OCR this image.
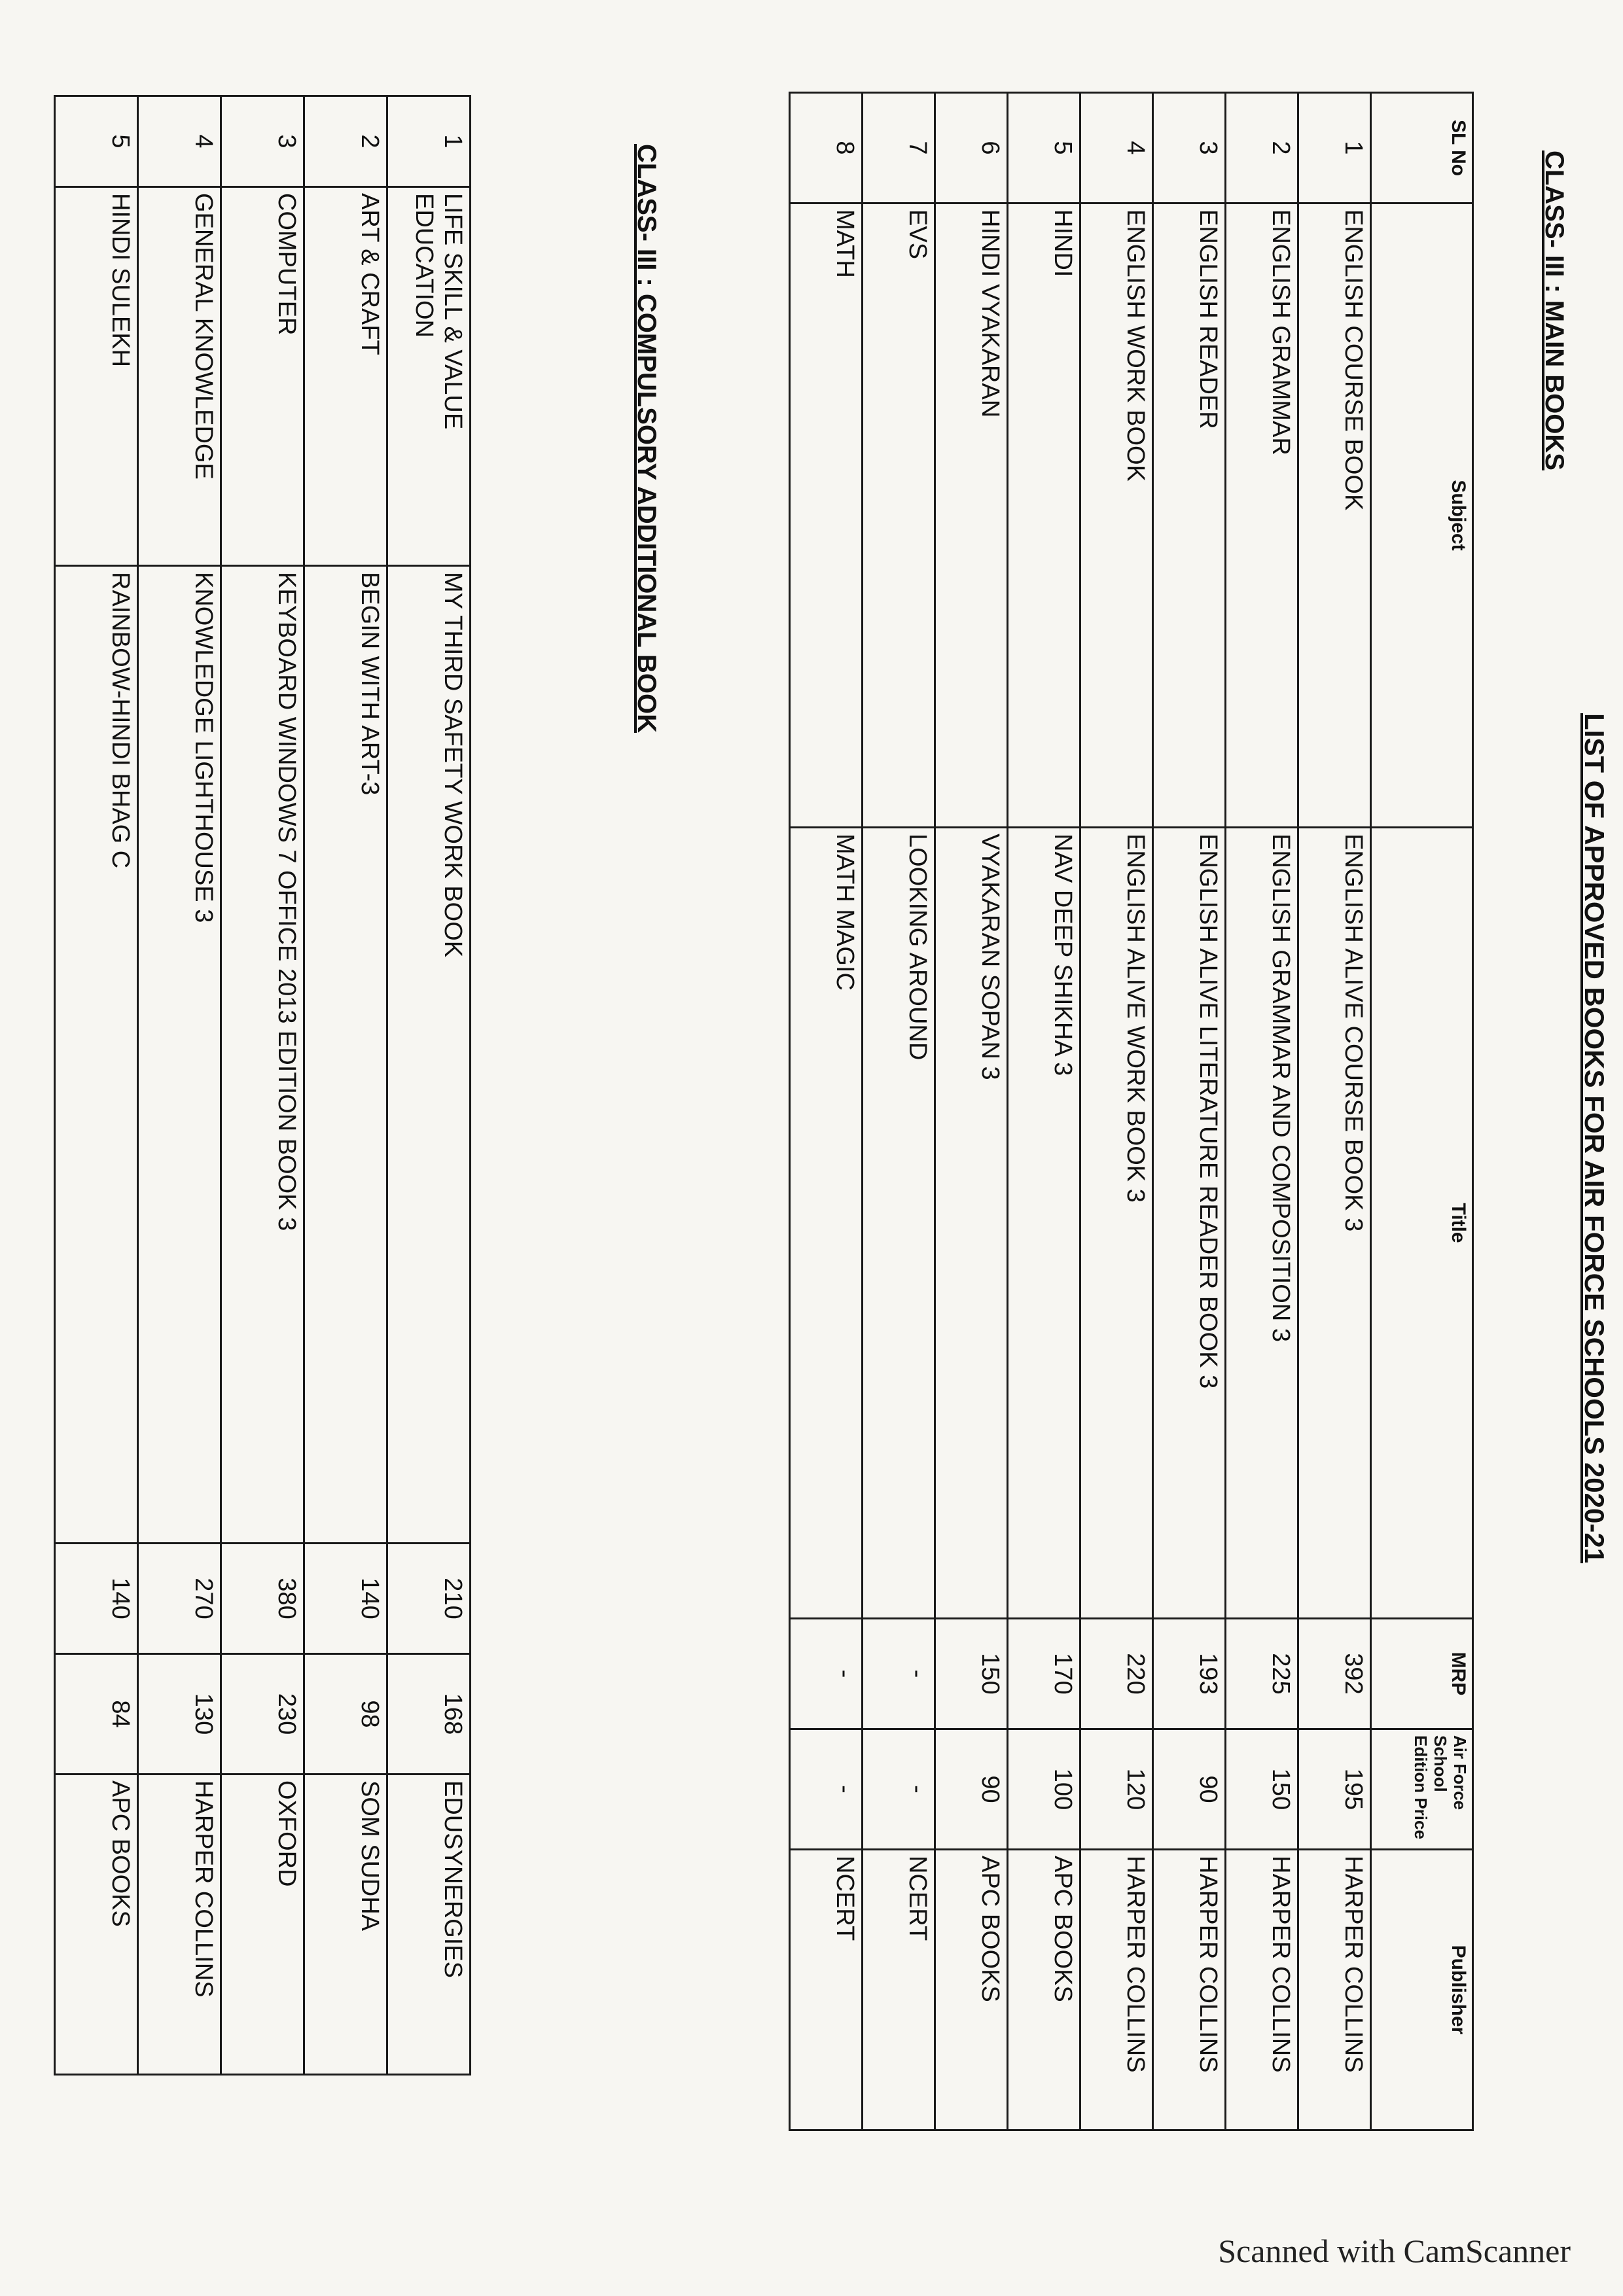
LIST OF APPROVED BOOKS FOR AIR FORCE SCHOOLS 2020-21
CLASS- III : MAIN BOOKS
SL No	Subject	Title	MRP	Air Force School Edition Price	Publisher
1	ENGLISH COURSE BOOK	ENGLISH ALIVE COURSE BOOK 3	392	195	HARPER COLLINS
2	ENGLISH GRAMMAR	ENGLISH GRAMMAR AND COMPOSITION 3	225	150	HARPER COLLINS
3	ENGLISH READER	ENGLISH ALIVE LITERATURE READER BOOK 3	193	90	HARPER COLLINS
4	ENGLISH WORK BOOK	ENGLISH ALIVE WORK BOOK 3	220	120	HARPER COLLINS
5	HINDI	NAV DEEP SHIKHA 3	170	100	APC BOOKS
6	HINDI VYAKARAN	VYAKARAN SOPAN 3	150	90	APC BOOKS
7	EVS	LOOKING AROUND	-	-	NCERT
8	MATH	MATH MAGIC	-	-	NCERT
CLASS- III : COMPULSORY ADDITIONAL BOOK
1	LIFE SKILL & VALUE EDUCATION	MY THIRD SAFETY WORK BOOK	210	168	EDUSYNERGIES
2	ART & CRAFT	BEGIN WITH ART-3	140	98	SOM SUDHA
3	COMPUTER	KEYBOARD WINDOWS 7 OFFICE 2013 EDITION BOOK 3	380	230	OXFORD
4	GENERAL KNOWLEDGE	KNOWLEDGE LIGHTHOUSE 3	270	130	HARPER COLLINS
5	HINDI SULEKH	RAINBOW-HINDI BHAG C	140	84	APC BOOKS
Scanned with CamScanner
